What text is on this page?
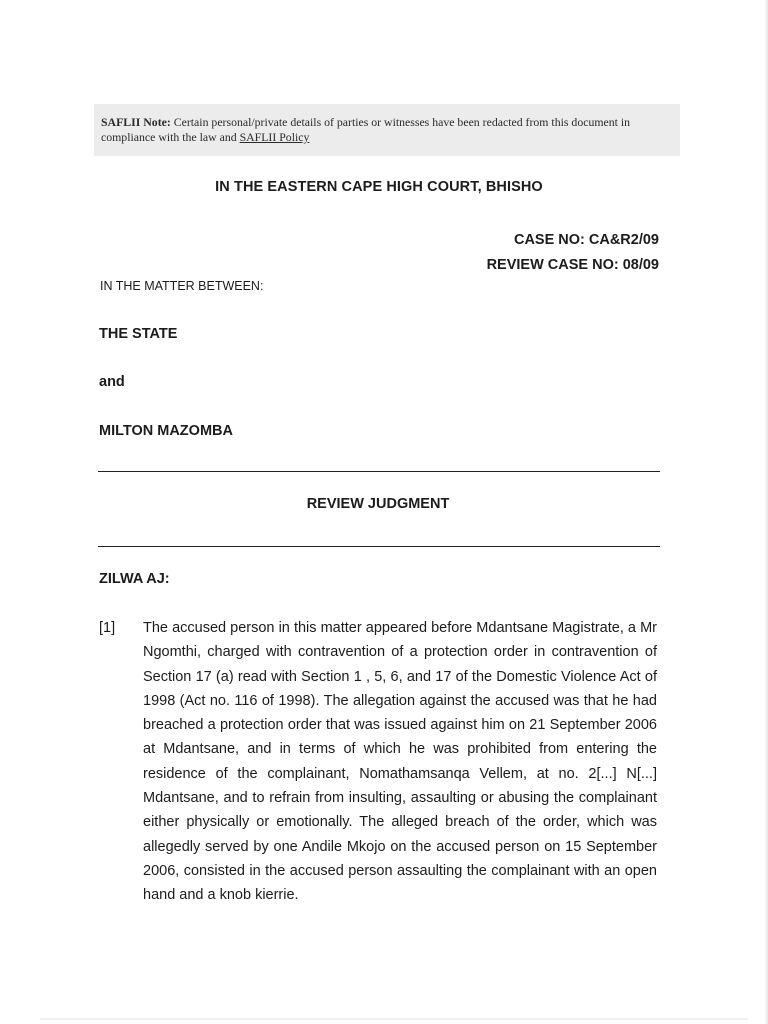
SAFLII Note: Certain personal/private details of parties or witnesses have been redacted from this document in compliance with the law and SAFLII Policy
IN THE EASTERN CAPE HIGH COURT, BHISHO
CASE NO: CA&R2/09
REVIEW CASE NO: 08/09
IN THE MATTER BETWEEN:
THE STATE
and
MILTON MAZOMBA
REVIEW JUDGMENT
ZILWA AJ:
[1] The accused person in this matter appeared before Mdantsane Magistrate, a Mr Ngomthi, charged with contravention of a protection order in contravention of Section 17 (a) read with Section 1 , 5, 6, and 17 of the Domestic Violence Act of 1998 (Act no. 116 of 1998). The allegation against the accused was that he had breached a protection order that was issued against him on 21 September 2006 at Mdantsane, and in terms of which he was prohibited from entering the residence of the complainant, Nomathamsanqa Vellem, at no. 2[...] N[...] Mdantsane, and to refrain from insulting, assaulting or abusing the complainant either physically or emotionally. The alleged breach of the order, which was allegedly served by one Andile Mkojo on the accused person on 15 September 2006, consisted in the accused person assaulting the complainant with an open hand and a knob kierrie.
